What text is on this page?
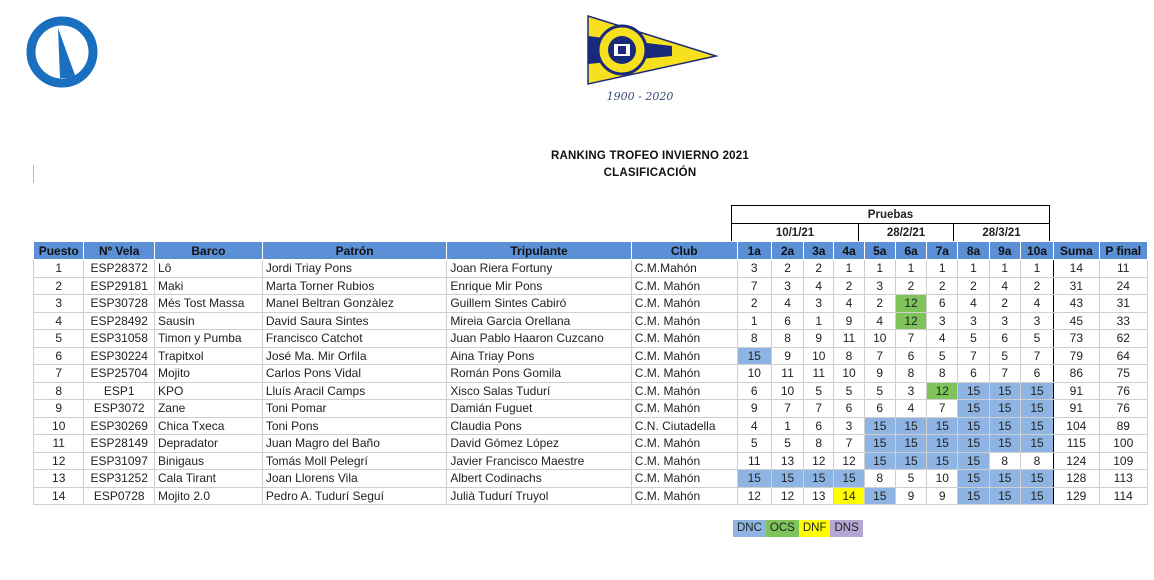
1900 - 2020
RANKING TROFEO INVIERNO 2021
CLASIFICACIÓN
Pruebas
10/1/21	28/2/21	28/3/21
Puesto	Nº Vela	Barco	Patrón	Tripulante	Club	1a	2a	3a	4a	5a	6a	7a	8a	9a	10a	Suma	P final
1	ESP28372	Lô	Jordi Triay Pons	Joan Riera Fortuny	C.M.Mahón	3	2	2	1	1	1	1	1	1	1	14	11
2	ESP29181	Maki	Marta Torner Rubios	Enrique Mir Pons	C.M. Mahón	7	3	4	2	3	2	2	2	4	2	31	24
3	ESP30728	Més Tost Massa	Manel Beltran Gonzàlez	Guillem Sintes Cabiró	C.M. Mahón	2	4	3	4	2	12	6	4	2	4	43	31
4	ESP28492	Sausin	David Saura Sintes	Mireia Garcia Orellana	C.M. Mahón	1	6	1	9	4	12	3	3	3	3	45	33
5	ESP31058	Timon y Pumba	Francisco Catchot	Juan Pablo Haaron Cuzcano	C.M. Mahón	8	8	9	11	10	7	4	5	6	5	73	62
6	ESP30224	Trapitxol	José Ma. Mir Orfila	Aina Triay Pons	C.M. Mahón	15	9	10	8	7	6	5	7	5	7	79	64
7	ESP25704	Mojito	Carlos Pons Vidal	Román Pons Gomila	C.M. Mahón	10	11	11	10	9	8	8	6	7	6	86	75
8	ESP1	KPO	Lluís Aracil Camps	Xisco Salas Tudurí	C.M. Mahón	6	10	5	5	5	3	12	15	15	15	91	76
9	ESP3072	Zane	Toni Pomar	Damián Fuguet	C.M. Mahón	9	7	7	6	6	4	7	15	15	15	91	76
10	ESP30269	Chica Txeca	Toni Pons	Claudia Pons	C.N. Ciutadella	4	1	6	3	15	15	15	15	15	15	104	89
11	ESP28149	Depradator	Juan Magro del Baño	David Gómez López	C.M. Mahón	5	5	8	7	15	15	15	15	15	15	115	100
12	ESP31097	Binigaus	Tomás Moll Pelegrí	Javier Francisco Maestre	C.M. Mahón	11	13	12	12	15	15	15	15	8	8	124	109
13	ESP31252	Cala Tirant	Joan Llorens Vila	Albert Codinachs	C.M. Mahón	15	15	15	15	8	5	10	15	15	15	128	113
14	ESP0728	Mojito 2.0	Pedro A. Tudurí Seguí	Julià Tudurí Truyol	C.M. Mahón	12	12	13	14	15	9	9	15	15	15	129	114
DNC OCS DNF DNS
